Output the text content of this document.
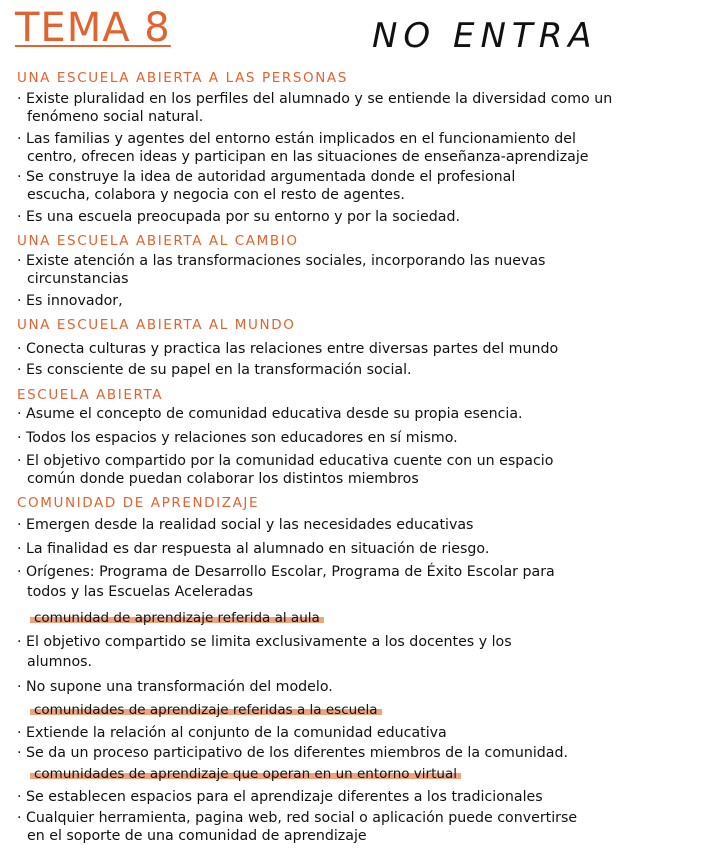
TEMA 8	NO ENTRA
UNA ESCUELA ABIERTA A LAS PERSONAS
· Existe pluralidad en los perfiles del alumnado y se entiende la diversidad como un
fenómeno social natural.
· Las familias y agentes del entorno están implicados en el funcionamiento del
centro, ofrecen ideas y participan en las situaciones de enseñanza-aprendizaje
· Se construye la idea de autoridad argumentada donde el profesional
escucha, colabora y negocia con el resto de agentes.
· Es una escuela preocupada por su entorno y por la sociedad.
UNA ESCUELA ABIERTA AL CAMBIO
· Existe atención a las transformaciones sociales, incorporando las nuevas
circunstancias
· Es innovador,
UNA ESCUELA ABIERTA AL MUNDO
· Conecta culturas y practica las relaciones entre diversas partes del mundo
· Es consciente de su papel en la transformación social.
ESCUELA ABIERTA
· Asume el concepto de comunidad educativa desde su propia esencia.
· Todos los espacios y relaciones son educadores en sí mismo.
· El objetivo compartido por la comunidad educativa cuente con un espacio
común donde puedan colaborar los distintos miembros
COMUNIDAD DE APRENDIZAJE
· Emergen desde la realidad social y las necesidades educativas
· La finalidad es dar respuesta al alumnado en situación de riesgo.
· Orígenes: Programa de Desarrollo Escolar, Programa de Éxito Escolar para
todos y las Escuelas Aceleradas
comunidad de aprendizaje referida al aula
· El objetivo compartido se limita exclusivamente a los docentes y los
alumnos.
· No supone una transformación del modelo.
comunidades de aprendizaje referidas a la escuela
· Extiende la relación al conjunto de la comunidad educativa
· Se da un proceso participativo de los diferentes miembros de la comunidad.
comunidades de aprendizaje que operan en un entorno virtual
· Se establecen espacios para el aprendizaje diferentes a los tradicionales
· Cualquier herramienta, pagina web, red social o aplicación puede convertirse
en el soporte de una comunidad de aprendizaje
